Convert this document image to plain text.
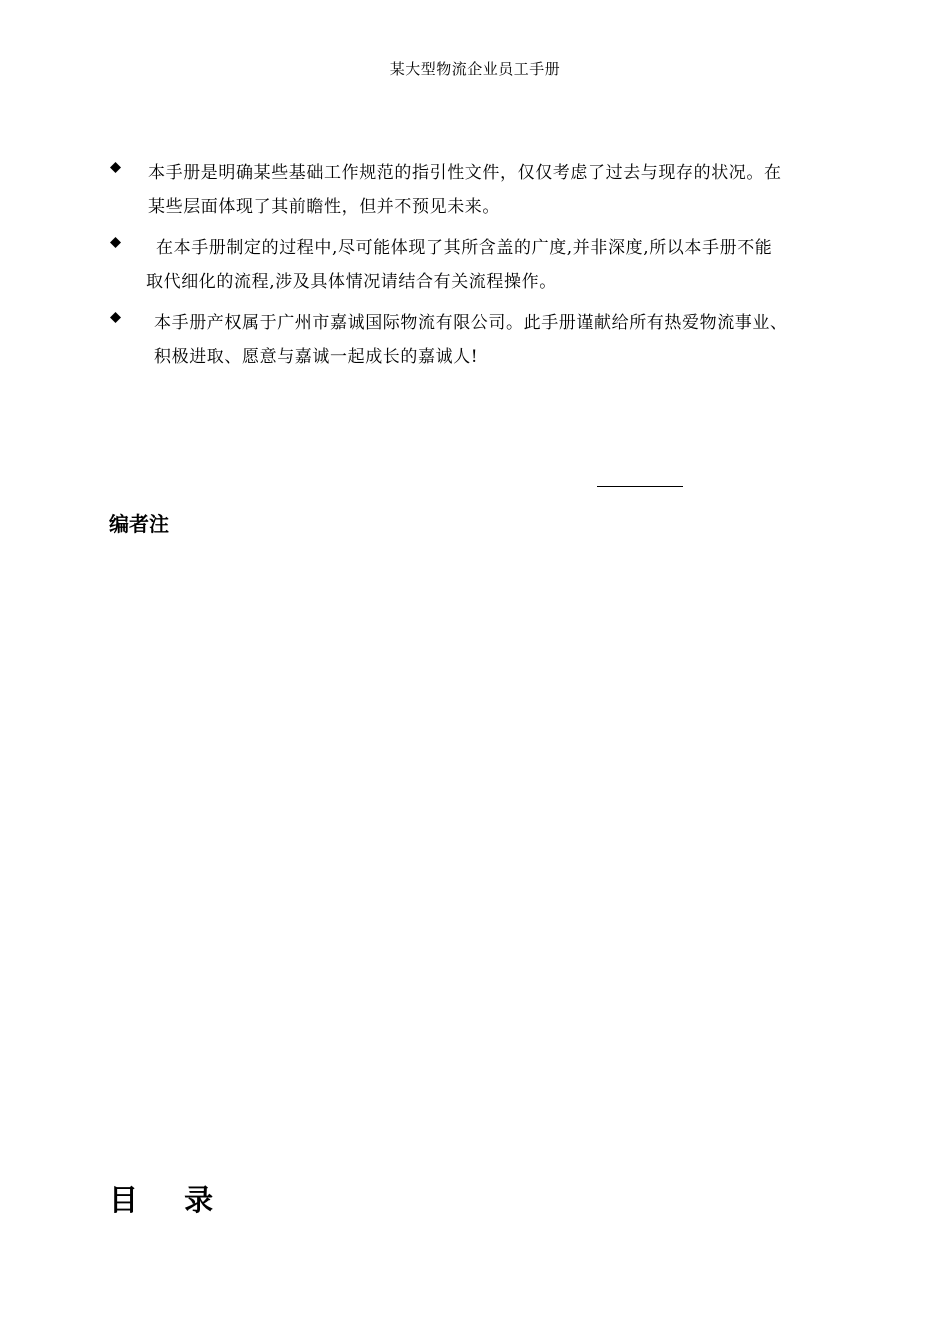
某大型物流企业员工手册
本手册是明确某些基础工作规范的指引性文件，仅仅考虑了过去与现存的状况。在
某些层面体现了其前瞻性，但并不预见未来。
在本手册制定的过程中,尽可能体现了其所含盖的广度,并非深度,所以本手册不能
取代细化的流程,涉及具体情况请结合有关流程操作。
本手册产权属于广州市嘉诚国际物流有限公司。此手册谨献给所有热爱物流事业、
积极进取、愿意与嘉诚一起成长的嘉诚人!
编者注
目 录
